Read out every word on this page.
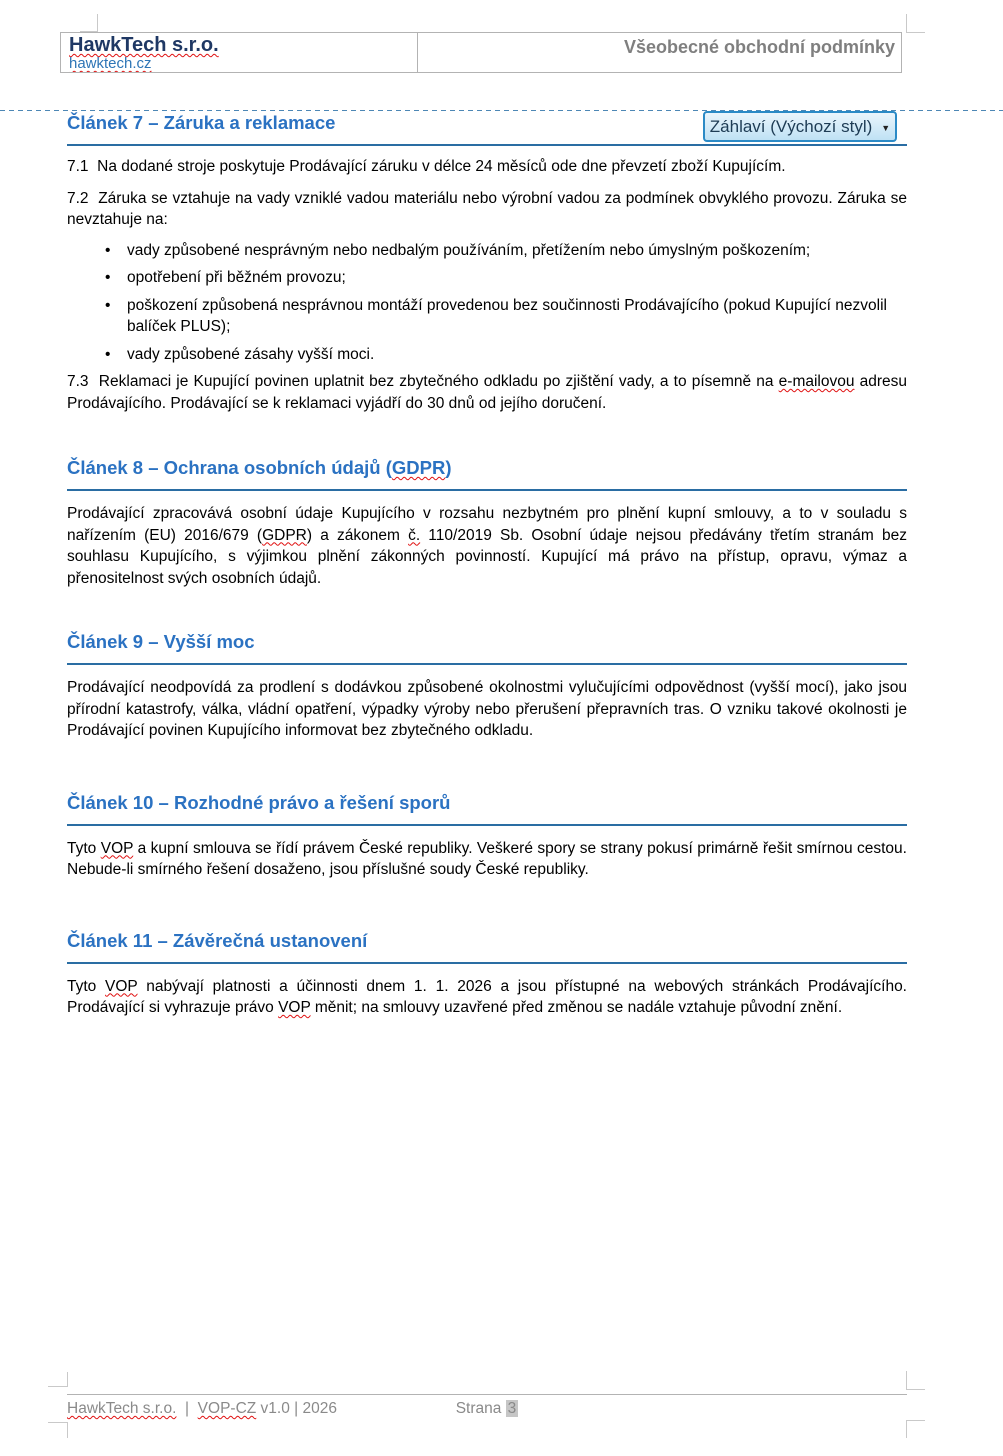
HawkTech s.r.o.
hawktech.cz
Všeobecné obchodní podmínky
Záhlaví (Výchozí styl) ▼
Článek 7 – Záruka a reklamace

7.1  Na dodané stroje poskytuje Prodávající záruku v délce 24 měsíců ode dne převzetí zboží Kupujícím.

7.2  Záruka se vztahuje na vady vzniklé vadou materiálu nebo výrobní vadou za podmínek obvyklého provozu. Záruka se nevztahuje na:

• vady způsobené nesprávným nebo nedbalým používáním, přetížením nebo úmyslným poškozením;
• opotřebení při běžném provozu;
• poškození způsobená nesprávnou montáží provedenou bez součinnosti Prodávajícího (pokud Kupující nezvolil balíček PLUS);
• vady způsobené zásahy vyšší moci.

7.3  Reklamaci je Kupující povinen uplatnit bez zbytečného odkladu po zjištění vady, a to písemně na e-mailovou adresu Prodávajícího. Prodávající se k reklamaci vyjádří do 30 dnů od jejího doručení.

Článek 8 – Ochrana osobních údajů (GDPR)

Prodávající zpracovává osobní údaje Kupujícího v rozsahu nezbytném pro plnění kupní smlouvy, a to v souladu s nařízením (EU) 2016/679 (GDPR) a zákonem č. 110/2019 Sb. Osobní údaje nejsou předávány třetím stranám bez souhlasu Kupujícího, s výjimkou plnění zákonných povinností. Kupující má právo na přístup, opravu, výmaz a přenositelnost svých osobních údajů.

Článek 9 – Vyšší moc

Prodávající neodpovídá za prodlení s dodávkou způsobené okolnostmi vylučujícími odpovědnost (vyšší mocí), jako jsou přírodní katastrofy, válka, vládní opatření, výpadky výroby nebo přerušení přepravních tras. O vzniku takové okolnosti je Prodávající povinen Kupujícího informovat bez zbytečného odkladu.

Článek 10 – Rozhodné právo a řešení sporů

Tyto VOP a kupní smlouva se řídí právem České republiky. Veškeré spory se strany pokusí primárně řešit smírnou cestou. Nebude-li smírného řešení dosaženo, jsou příslušné soudy České republiky.

Článek 11 – Závěrečná ustanovení

Tyto VOP nabývají platnosti a účinnosti dnem 1. 1. 2026 a jsou přístupné na webových stránkách Prodávajícího. Prodávající si vyhrazuje právo VOP měnit; na smlouvy uzavřené před změnou se nadále vztahuje původní znění.

HawkTech s.r.o.  |  VOP-CZ v1.0 | 2026	Strana 3
